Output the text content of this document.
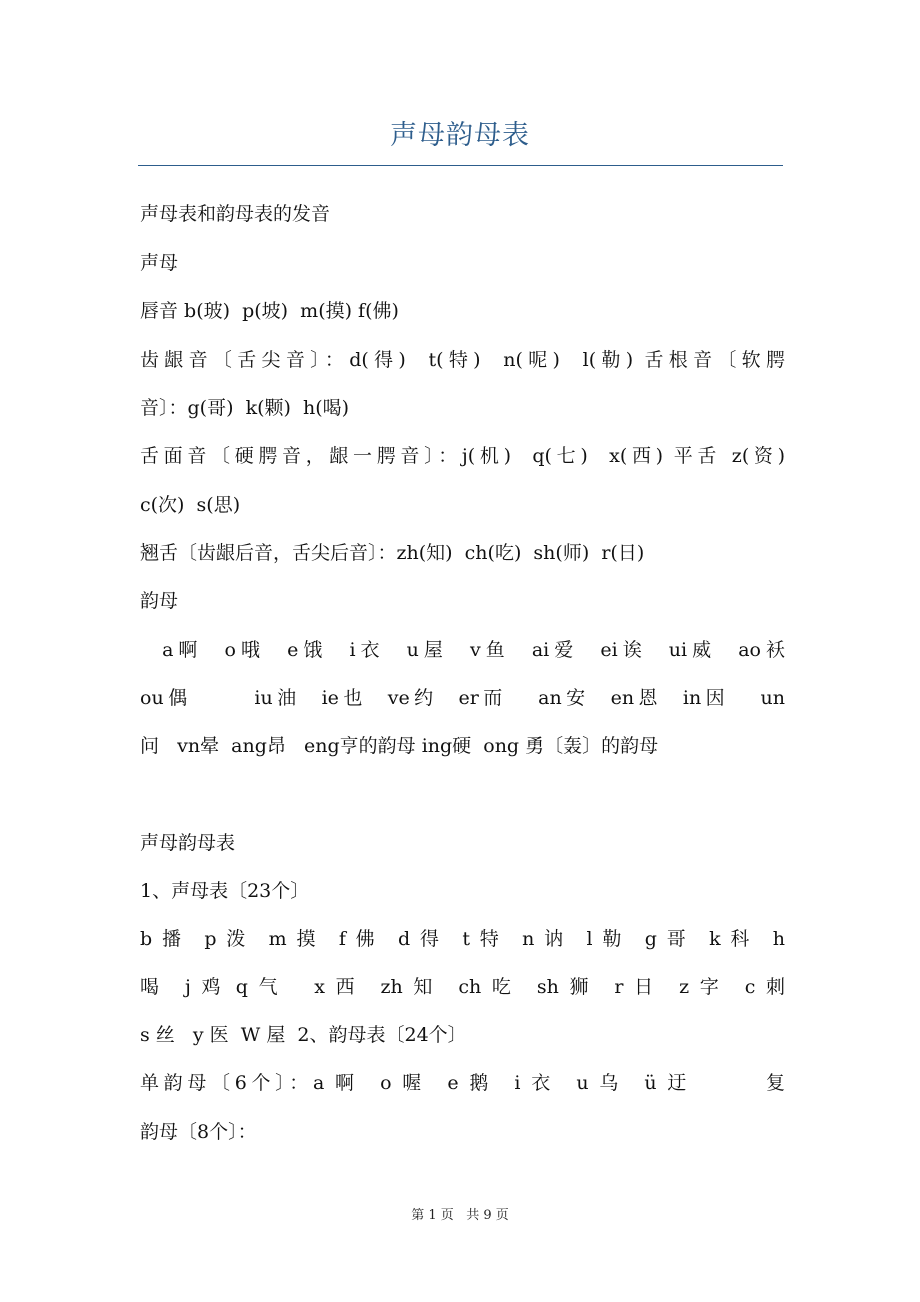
声母韵母表
声母表和韵母表的发音
声母
唇音 b(玻)  p(坡)  m(摸) f(佛)
齿龈音〔舌尖音〕：d(得)  t(特)  n(呢)  l(勒) 舌根音〔软腭
音〕：g(哥)  k(颗)  h(喝)
舌面音〔硬腭音，龈一腭音〕：j(机)  q(七)  x(西) 平舌 z(资)
c(次)  s(思)
翘舌〔齿龈后音，舌尖后音〕：zh(知)  ch(吃)  sh(师)  r(日)
韵母
a啊  o哦  e饿  i衣  u屋  v鱼  ai爱  ei诶  ui威  ao袄
ou偶      iu油  ie也  ve约  er而   an安  en恩  in因   un
问   vn晕  ang昂   eng亨的韵母 ing硬  ong 勇〔轰〕的韵母
声母韵母表
1、声母表〔23个〕
b 播  p 泼  m 摸  f 佛  d 得  t 特  n 讷  l 勒  g 哥  k 科  h
喝  j 鸡 q 气   x 西  zh 知  ch 吃  sh 狮  r 日  z 字  c 刺
s 丝   y 医  W 屋  2、韵母表〔24个〕
单韵母〔6个〕：a 啊  o 喔  e 鹅  i 衣  u 乌  ü 迂       复
韵母〔8个〕：
第 1 页   共 9 页
